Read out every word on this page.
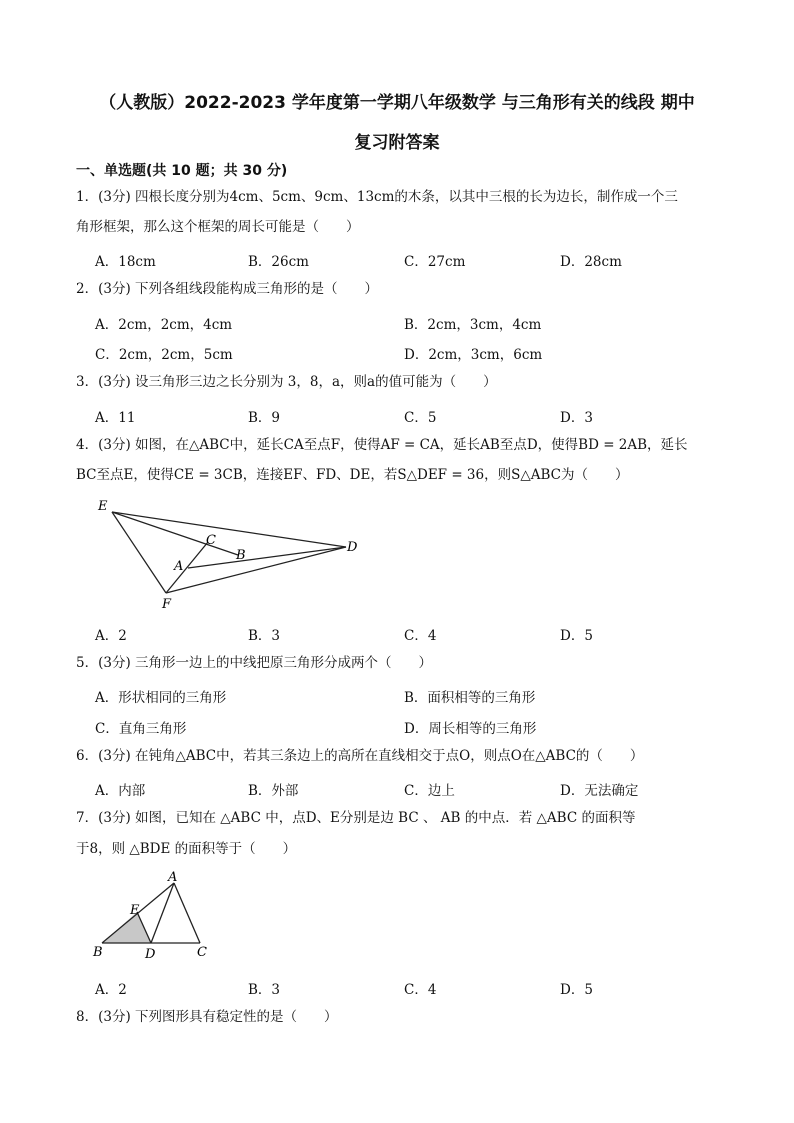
（人教版）2022-2023 学年度第一学期八年级数学 与三角形有关的线段 期中
复习附答案
一、单选题(共 10 题；共 30 分)
1．(3分) 四根长度分别为4cm、5cm、9cm、13cm的木条，以其中三根的长为边长，制作成一个三
角形框架，那么这个框架的周长可能是（　　）
A．18cm	B．26cm	C．27cm	D．28cm
2．(3分) 下列各组线段能构成三角形的是（　　）
A．2cm，2cm，4cm	B．2cm，3cm，4cm
C．2cm，2cm，5cm	D．2cm，3cm，6cm
3．(3分) 设三角形三边之长分别为 3，8，a，则a的值可能为（　　）
A．11	B．9	C．5	D．3
4．(3分) 如图，在△ABC中，延长CA至点F，使得AF = CA，延长AB至点D，使得BD = 2AB，延长
BC至点E，使得CE = 3CB，连接EF、FD、DE，若S△DEF = 36，则S△ABC为（　　）
E
C
B
D
A
F
A．2	B．3	C．4	D．5
5．(3分) 三角形一边上的中线把原三角形分成两个（　　）
A．形状相同的三角形	B．面积相等的三角形
C．直角三角形	D．周长相等的三角形
6．(3分) 在钝角△ABC中，若其三条边上的高所在直线相交于点O，则点O在△ABC的（　　）
A．内部	B．外部	C．边上	D．无法确定
7．(3分) 如图，已知在 △ABC 中，点D、E分别是边 BC 、 AB 的中点．若 △ABC 的面积等
于8，则 △BDE 的面积等于（　　）
A
E
B	D	C
A．2	B．3	C．4	D．5
8．(3分) 下列图形具有稳定性的是（　　）
